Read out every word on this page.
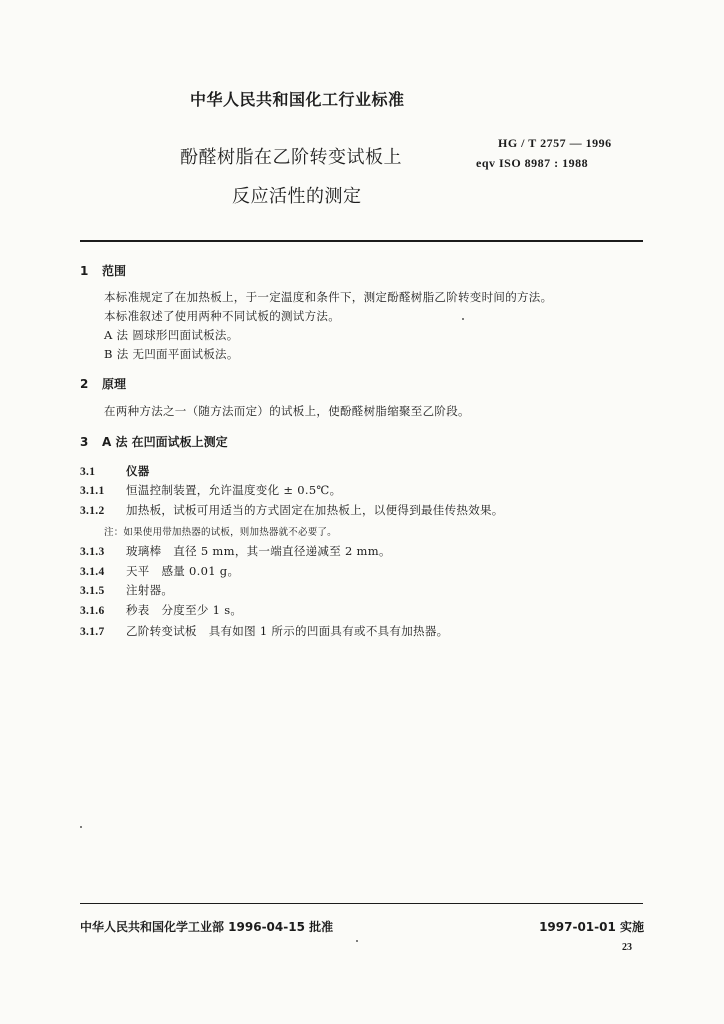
中华人民共和国化工行业标准
酚醛树脂在乙阶转变试板上
反应活性的测定
HG / T 2757 — 1996
eqv ISO 8987 : 1988
1 范围
本标准规定了在加热板上，于一定温度和条件下，测定酚醛树脂乙阶转变时间的方法。
本标准叙述了使用两种不同试板的测试方法。
A 法 圆球形凹面试板法。
B 法 无凹面平面试板法。
2 原理
在两种方法之一（随方法而定）的试板上，使酚醛树脂缩聚至乙阶段。
3 A 法 在凹面试板上测定
3.1	仪器
3.1.1 恒温控制装置，允许温度变化 ± 0.5℃。
3.1.2 加热板，试板可用适当的方式固定在加热板上，以便得到最佳传热效果。
注：如果使用带加热器的试板，则加热器就不必要了。
3.1.3 玻璃棒 直径 5 mm，其一端直径递减至 2 mm。
3.1.4 天平 感量 0.01 g。
3.1.5 注射器。
3.1.6 秒表 分度至少 1 s。
3.1.7 乙阶转变试板 具有如图 1 所示的凹面具有或不具有加热器。
中华人民共和国化学工业部 1996-04-15 批准	1997-01-01 实施
23
